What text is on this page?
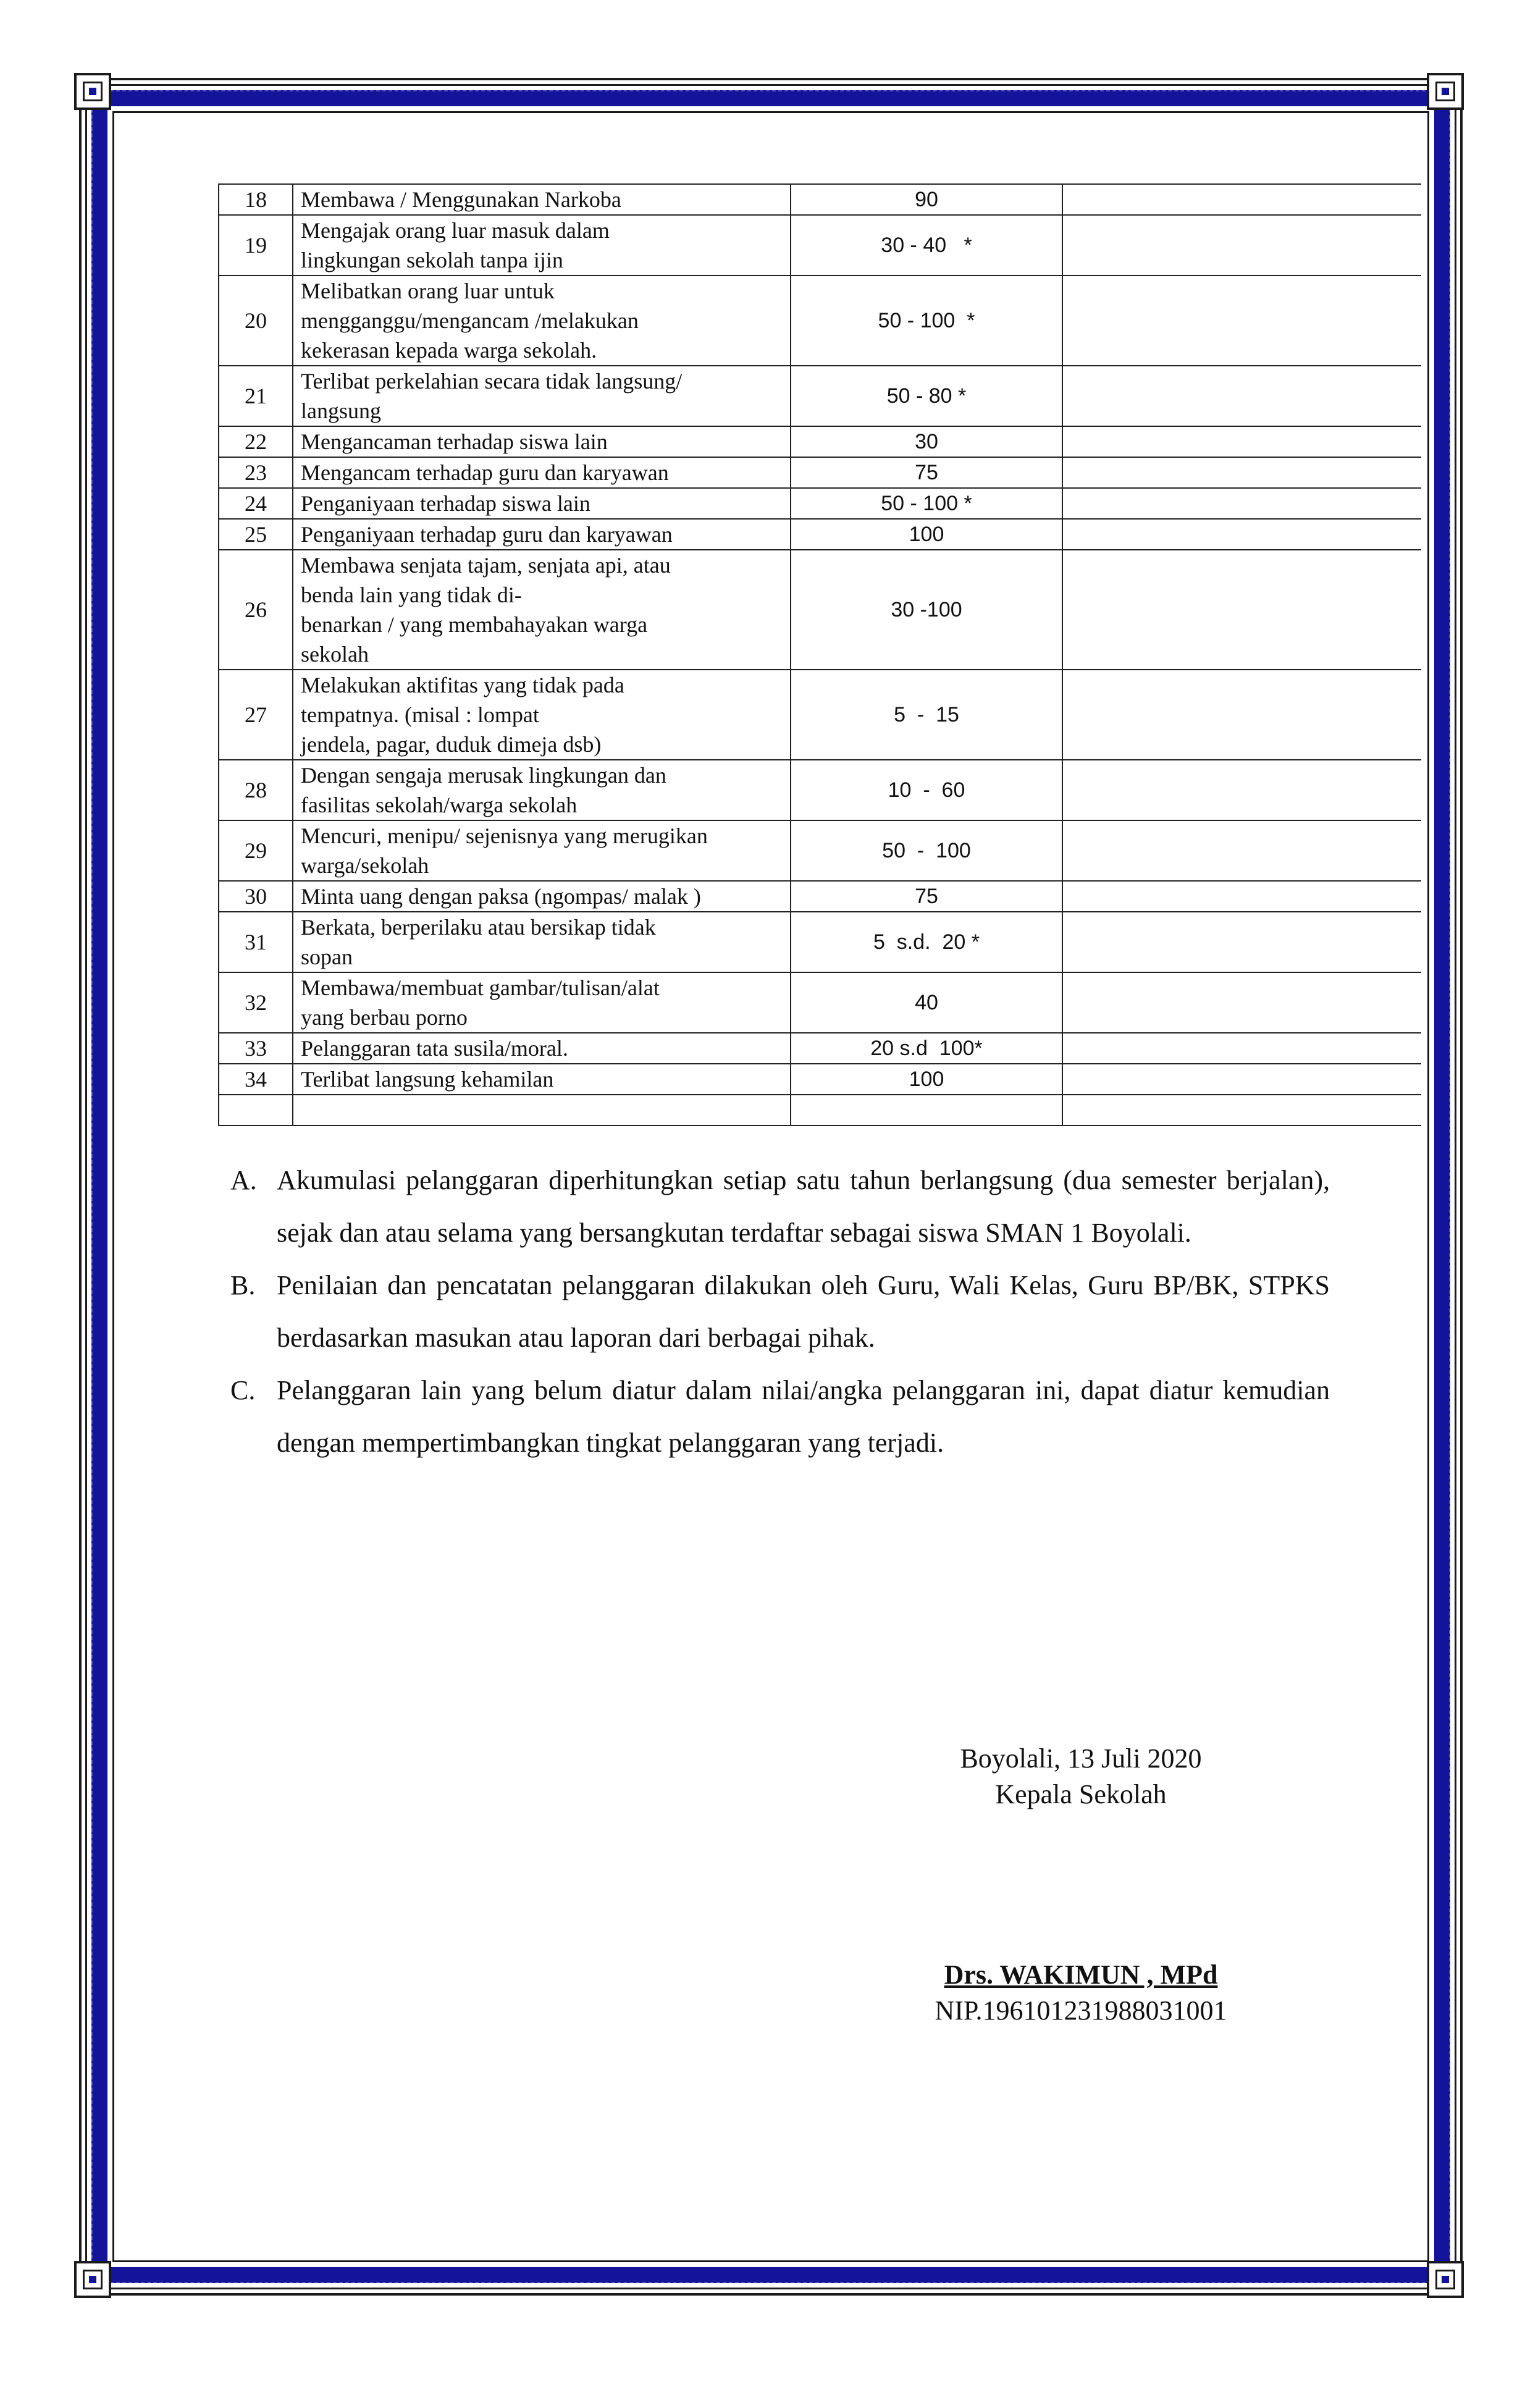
18	Membawa / Menggunakan Narkoba	90	
19	Mengajak orang luar masuk dalam
lingkungan sekolah tanpa ijin	30 - 40   *	
20	Melibatkan orang luar untuk
mengganggu/mengancam /melakukan
kekerasan kepada warga sekolah.	50 - 100  *	
21	Terlibat perkelahian secara tidak langsung/
langsung	50 - 80 *	
22	Mengancaman terhadap siswa lain	30	
23	Mengancam terhadap guru dan karyawan	75	
24	Penganiyaan terhadap siswa lain	50 - 100 *	
25	Penganiyaan terhadap guru dan karyawan	100	
26	Membawa senjata tajam, senjata api, atau
benda lain yang tidak di-
benarkan / yang membahayakan warga
sekolah	30 -100	
27	Melakukan aktifitas yang tidak pada
tempatnya. (misal : lompat
jendela, pagar, duduk dimeja dsb)	5  -  15	
28	Dengan sengaja merusak lingkungan dan
fasilitas sekolah/warga sekolah	10  -  60	
29	Mencuri, menipu/ sejenisnya yang merugikan
warga/sekolah	50  -  100	
30	Minta uang dengan paksa (ngompas/ malak )	75	
31	Berkata, berperilaku atau bersikap tidak
sopan	5  s.d.  20 *	
32	Membawa/membuat gambar/tulisan/alat
yang berbau porno	40	
33	Pelanggaran tata susila/moral.	20 s.d  100*	
34	Terlibat langsung kehamilan	100	

A. Akumulasi pelanggaran diperhitungkan setiap satu tahun berlangsung (dua semester berjalan), sejak dan atau selama yang bersangkutan terdaftar sebagai siswa SMAN 1 Boyolali.
B. Penilaian dan pencatatan pelanggaran dilakukan oleh Guru, Wali Kelas, Guru BP/BK, STPKS berdasarkan masukan atau laporan dari berbagai pihak.
C. Pelanggaran lain yang belum diatur dalam nilai/angka pelanggaran ini, dapat diatur kemudian dengan mempertimbangkan tingkat pelanggaran yang terjadi.
Boyolali, 13 Juli 2020
Kepala Sekolah
Drs. WAKIMUN , MPd
NIP.196101231988031001
